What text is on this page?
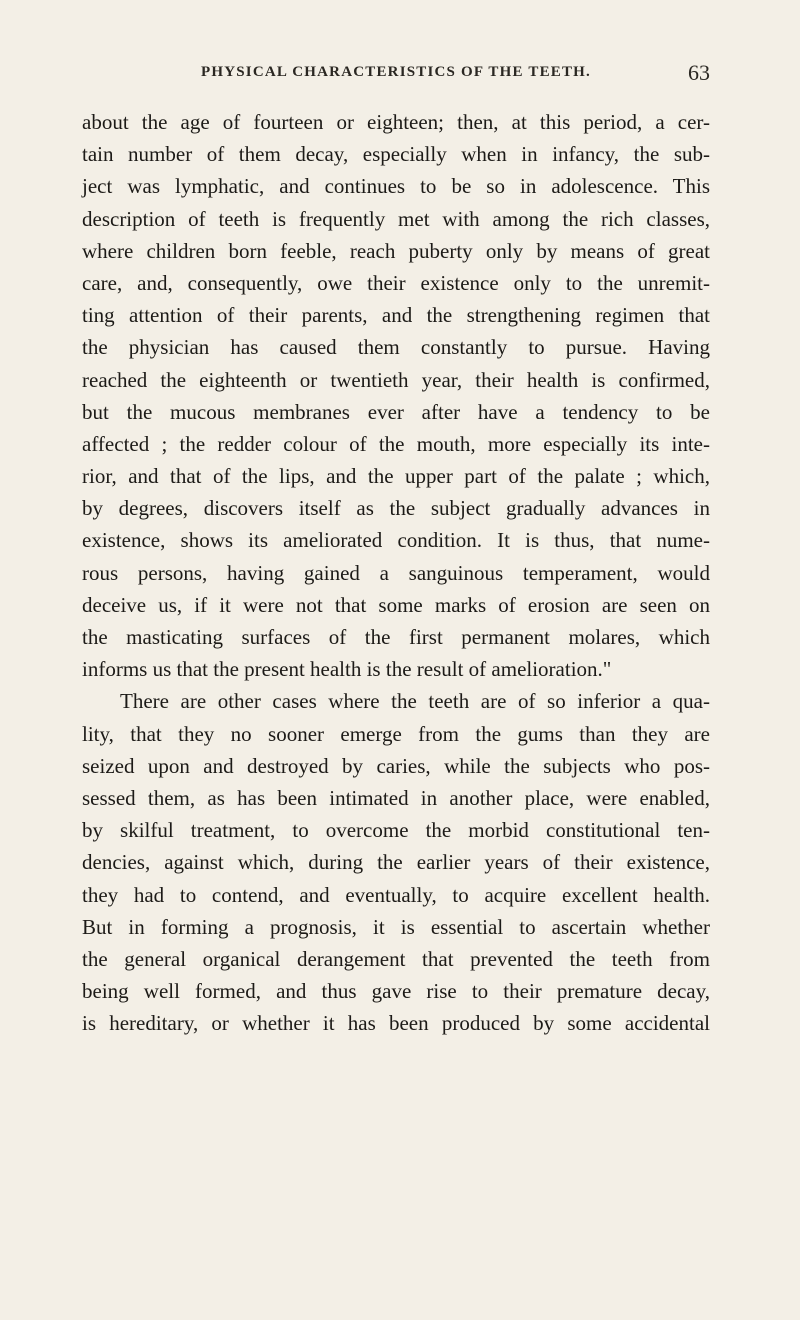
PHYSICAL CHARACTERISTICS OF THE TEETH.	63
about the age of fourteen or eighteen; then, at this period, a cer-
tain number of them decay, especially when in infancy, the sub-
ject was lymphatic, and continues to be so in adolescence. This
description of teeth is frequently met with among the rich classes,
where children born feeble, reach puberty only by means of great
care, and, consequently, owe their existence only to the unremit-
ting attention of their parents, and the strengthening regimen that
the physician has caused them constantly to pursue. Having
reached the eighteenth or twentieth year, their health is confirmed,
but the mucous membranes ever after have a tendency to be
affected ; the redder colour of the mouth, more especially its inte-
rior, and that of the lips, and the upper part of the palate ; which,
by degrees, discovers itself as the subject gradually advances in
existence, shows its ameliorated condition. It is thus, that nume-
rous persons, having gained a sanguinous temperament, would
deceive us, if it were not that some marks of erosion are seen on
the masticating surfaces of the first permanent molares, which
informs us that the present health is the result of amelioration."
There are other cases where the teeth are of so inferior a qua-
lity, that they no sooner emerge from the gums than they are
seized upon and destroyed by caries, while the subjects who pos-
sessed them, as has been intimated in another place, were enabled,
by skilful treatment, to overcome the morbid constitutional ten-
dencies, against which, during the earlier years of their existence,
they had to contend, and eventually, to acquire excellent health.
But in forming a prognosis, it is essential to ascertain whether
the general organical derangement that prevented the teeth from
being well formed, and thus gave rise to their premature decay,
is hereditary, or whether it has been produced by some accidental
